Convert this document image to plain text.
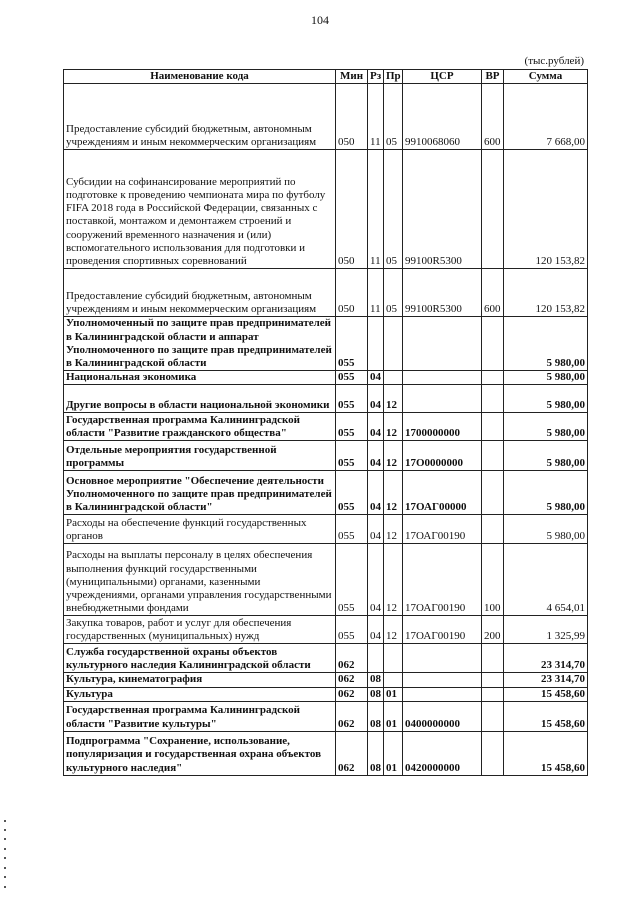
104
(тыс.рублей)
Наименование кода	Мин	Рз	Пр	ЦСР	ВР	Сумма
Предоставление субсидий бюджетным, автономным учреждениям и иным некоммерческим организациям	050	11	05	9910068060	600	7 668,00
Субсидии на софинансирование мероприятий по подготовке к проведению чемпионата мира по футболу FIFA 2018 года в Российской Федерации, связанных с поставкой, монтажом и демонтажем строений и сооружений временного назначения и (или) вспомогательного использования для подготовки и проведения спортивных соревнований	050	11	05	99100R5300		120 153,82
Предоставление субсидий бюджетным, автономным учреждениям и иным некоммерческим организациям	050	11	05	99100R5300	600	120 153,82
Уполномоченный по защите прав предпринимателей в Калининградской области и аппарат Уполномоченного по защите прав предпринимателей в Калининградской области	055					5 980,00
Национальная экономика	055	04				5 980,00
Другие вопросы в области национальной экономики	055	04	12			5 980,00
Государственная программа Калининградской области "Развитие гражданского общества"	055	04	12	1700000000		5 980,00
Отдельные мероприятия государственной программы	055	04	12	17О0000000		5 980,00
Основное мероприятие "Обеспечение деятельности Уполномоченного по защите прав предпринимателей в Калининградской области"	055	04	12	17ОАГ00000		5 980,00
Расходы на обеспечение функций государственных органов	055	04	12	17ОАГ00190		5 980,00
Расходы на выплаты персоналу в целях обеспечения выполнения функций государственными (муниципальными) органами, казенными учреждениями, органами управления государственными внебюджетными фондами	055	04	12	17ОАГ00190	100	4 654,01
Закупка товаров, работ и услуг для обеспечения государственных (муниципальных) нужд	055	04	12	17ОАГ00190	200	1 325,99
Служба государственной охраны объектов культурного наследия Калининградской области	062					23 314,70
Культура, кинематография	062	08				23 314,70
Культура	062	08	01			15 458,60
Государственная программа Калининградской области "Развитие культуры"	062	08	01	0400000000		15 458,60
Подпрограмма "Сохранение, использование, популяризация и государственная охрана объектов культурного наследия"	062	08	01	0420000000		15 458,60
